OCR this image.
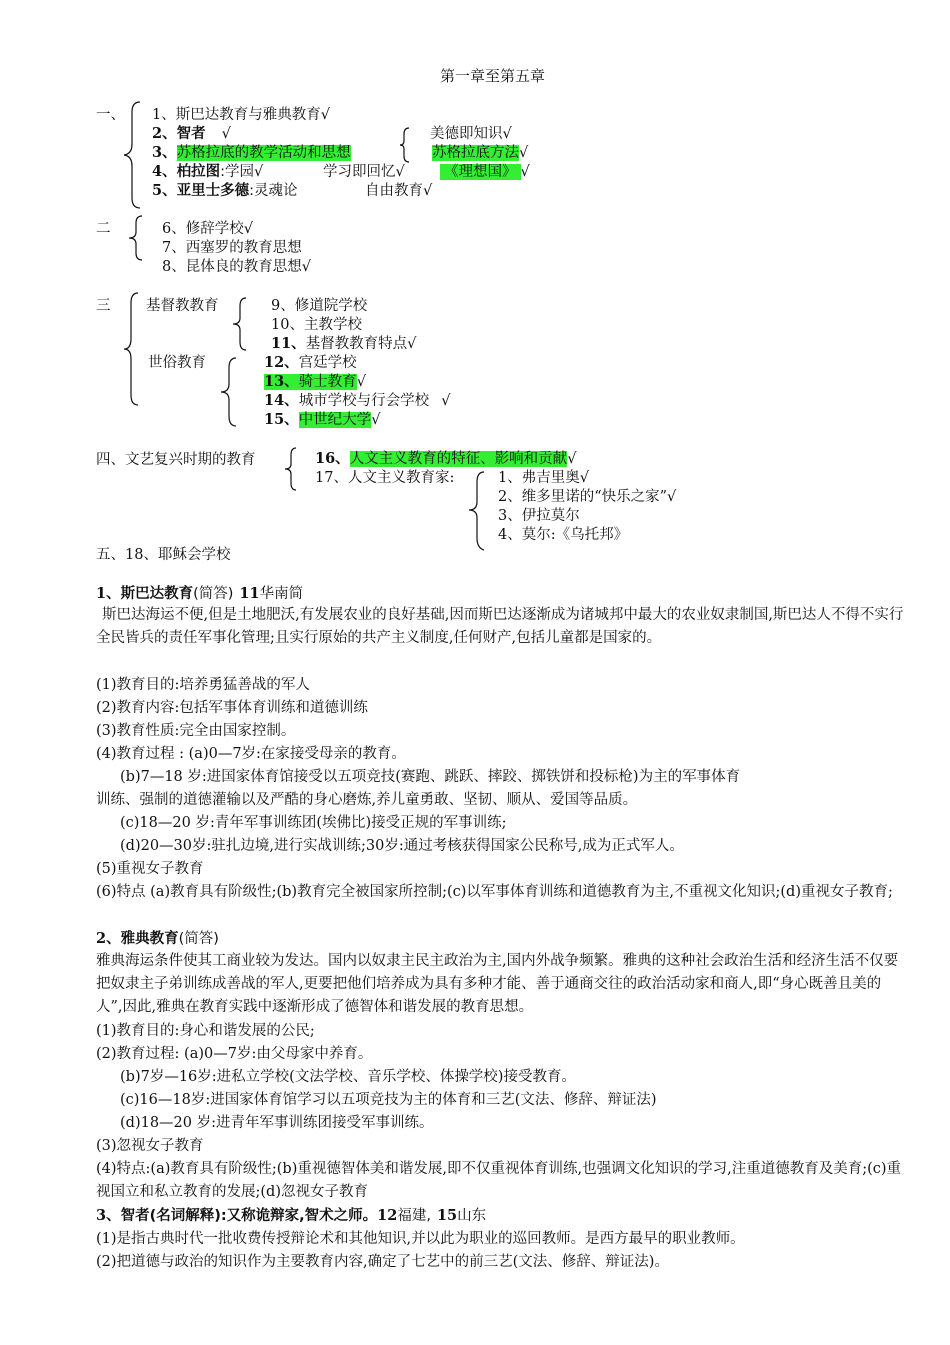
第一章至第五章
一、 1、斯巴达教育与雅典教育√
2、智者 √	美德即知识√
3、苏格拉底的教学活动和思想	苏格拉底方法√
4、柏拉图:学园√	学习即回忆√	《理想国》 √
5、亚里士多德:灵魂论	自由教育√
二	6、修辞学校√
7、西塞罗的教育思想
8、昆体良的教育思想√
三 基督教教育	9、修道院学校
10、主教学校
11、基督教教育特点√
世俗教育	12、宫廷学校
13、骑士教育√
14、城市学校与行会学校 √
15、中世纪大学√
四、文艺复兴时期的教育	16、人文主义教育的特征、影响和贡献√
17、人文主义教育家:	1、弗吉里奥√
2、维多里诺的“快乐之家”√
3、伊拉莫尔
4、莫尔:《乌托邦》
五、18、耶稣会学校
1、斯巴达教育(简答) 11华南简
斯巴达海运不便,但是土地肥沃,有发展农业的良好基础,因而斯巴达逐渐成为诸城邦中最大的农业奴隶制国,斯巴达人不得不实行全民皆兵的责任军事化管理;且实行原始的共产主义制度,任何财产,包括儿童都是国家的。
(1)教育目的:培养勇猛善战的军人
(2)教育内容:包括军事体育训练和道德训练
(3)教育性质:完全由国家控制。
(4)教育过程 : (a)0—7岁:在家接受母亲的教育。
(b)7—18 岁:进国家体育馆接受以五项竞技(赛跑、跳跃、摔跤、掷铁饼和投标枪)为主的军事体育
训练、强制的道德灌输以及严酷的身心磨炼,养儿童勇敢、坚韧、顺从、爱国等品质。
(c)18—20 岁:青年军事训练团(埃佛比)接受正规的军事训练;
(d)20—30岁:驻扎边境,进行实战训练;30岁:通过考核获得国家公民称号,成为正式军人。
(5)重视女子教育
(6)特点 (a)教育具有阶级性;(b)教育完全被国家所控制;(c)以军事体育训练和道德教育为主,不重视文化知识;(d)重视女子教育;
2、雅典教育(简答)
雅典海运条件使其工商业较为发达。国内以奴隶主民主政治为主,国内外战争频繁。雅典的这种社会政治生活和经济生活不仅要把奴隶主子弟训练成善战的军人,更要把他们培养成为具有多种才能、善于通商交往的政治活动家和商人,即“身心既善且美的人”,因此,雅典在教育实践中逐渐形成了德智体和谐发展的教育思想。
(1)教育目的:身心和谐发展的公民;
(2)教育过程: (a)0—7岁:由父母家中养育。
(b)7岁—16岁:进私立学校(文法学校、音乐学校、体操学校)接受教育。
(c)16—18岁:进国家体育馆学习以五项竞技为主的体育和三艺(文法、修辞、辩证法)
(d)18—20 岁:进青年军事训练团接受军事训练。
(3)忽视女子教育
(4)特点:(a)教育具有阶级性;(b)重视德智体美和谐发展,即不仅重视体育训练,也强调文化知识的学习,注重道德教育及美育;(c)重视国立和私立教育的发展;(d)忽视女子教育
3、智者(名词解释):又称诡辩家,智术之师。12福建, 15山东
(1)是指古典时代一批收费传授辩论术和其他知识,并以此为职业的巡回教师。是西方最早的职业教师。
(2)把道德与政治的知识作为主要教育内容,确定了七艺中的前三艺(文法、修辞、辩证法)。
